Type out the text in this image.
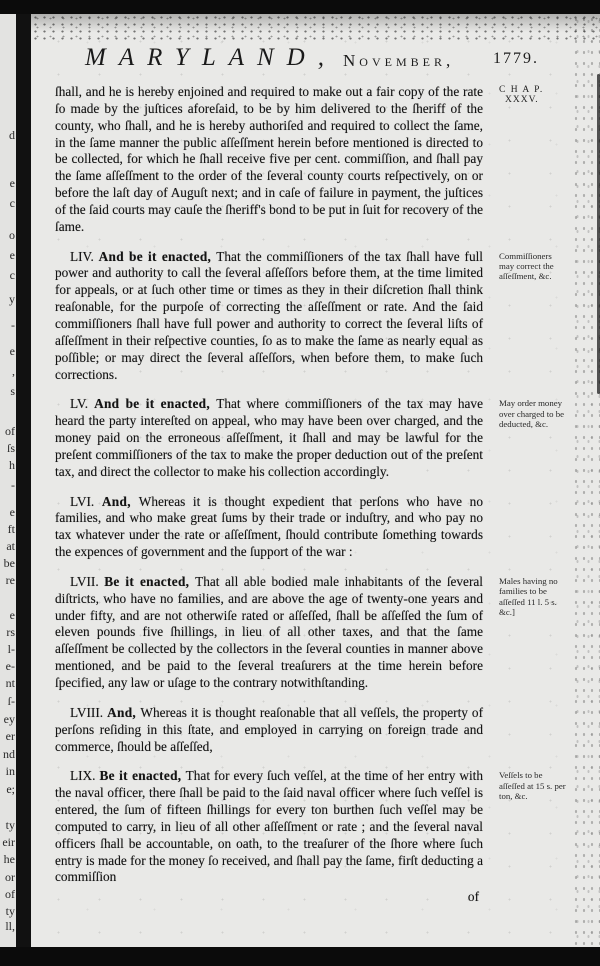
d
e
c
o
e
c
y
-
e
,
s
of
ſs
h
-
e
ft
at
be
re
e
rs
l-
e-
nt
ſ-
ey
er
nd
in
e;
ty
eir
he
or
of
ty
ll,
MARYLAND, November, 1779.
C H A P.
XXXV.
ſhall, and he is hereby enjoined and required to make out a fair copy of the rate ſo made by the juſtices aforeſaid, to be by him delivered to the ſheriff of the county, who ſhall, and he is hereby authoriſed and required to collect the ſame, in the ſame manner the public aſſeſſment herein before mentioned is directed to be collected, for which he ſhall receive five per cent. commiſſion, and ſhall pay the ſame aſſeſſment to the order of the ſeveral county courts reſpectively, on or before the laſt day of Auguſt next; and in caſe of failure in payment, the juſtices of the ſaid courts may cauſe the ſheriff's bond to be put in ſuit for recovery of the ſame.
LIV. And be it enacted, That the commiſſioners of the tax ſhall have full power and authority to call the ſeveral aſſeſſors before them, at the time limited for appeals, or at ſuch other time or times as they in their diſcretion ſhall think reaſonable, for the purpoſe of correcting the aſſeſſment or rate. And the ſaid commiſſioners ſhall have full power and authority to correct the ſeveral liſts of aſſeſſment in their reſpective counties, ſo as to make the ſame as nearly equal as poſſible; or may direct the ſeveral aſſeſſors, when before them, to make ſuch corrections.
Commiſſioners may correct the aſſeſſment, &c.
LV. And be it enacted, That where commiſſioners of the tax may have heard the party intereſted on appeal, who may have been over charged, and the money paid on the erroneous aſſeſſment, it ſhall and may be lawful for the preſent commiſſioners of the tax to make the proper deduction out of the preſent tax, and direct the collector to make his collection accordingly.
May order money over charged to be deducted, &c.
LVI. And, Whereas it is thought expedient that perſons who have no families, and who make great ſums by their trade or induſtry, and who pay no tax whatever under the rate or aſſeſſment, ſhould contribute ſomething towards the expences of government and the ſupport of the war :
LVII. Be it enacted, That all able bodied male inhabitants of the ſeveral diſtricts, who have no families, and are above the age of twenty-one years and under fifty, and are not otherwiſe rated or aſſeſſed, ſhall be aſſeſſed the ſum of eleven pounds five ſhillings, in lieu of all other taxes, and that the ſame aſſeſſment be collected by the collectors in the ſeveral counties in manner above mentioned, and be paid to the ſeveral treaſurers at the time herein before ſpecified, any law or uſage to the contrary notwithſtanding.
Males having no families to be aſſeſſed 11 l. 5 s. &c.]
LVIII. And, Whereas it is thought reaſonable that all veſſels, the property of perſons reſiding in this ſtate, and employed in carrying on foreign trade and commerce, ſhould be aſſeſſed,
LIX. Be it enacted, That for every ſuch veſſel, at the time of her entry with the naval officer, there ſhall be paid to the ſaid naval officer where ſuch veſſel is entered, the ſum of fifteen ſhillings for every ton burthen ſuch veſſel may be computed to carry, in lieu of all other aſſeſſment or rate ; and the ſeveral naval officers ſhall be accountable, on oath, to the treaſurer of the ſhore where ſuch entry is made for the money ſo received, and ſhall pay the ſame, firſt deducting a commiſſion
Veſſels to be aſſeſſed at 15 s. per ton, &c.
of
